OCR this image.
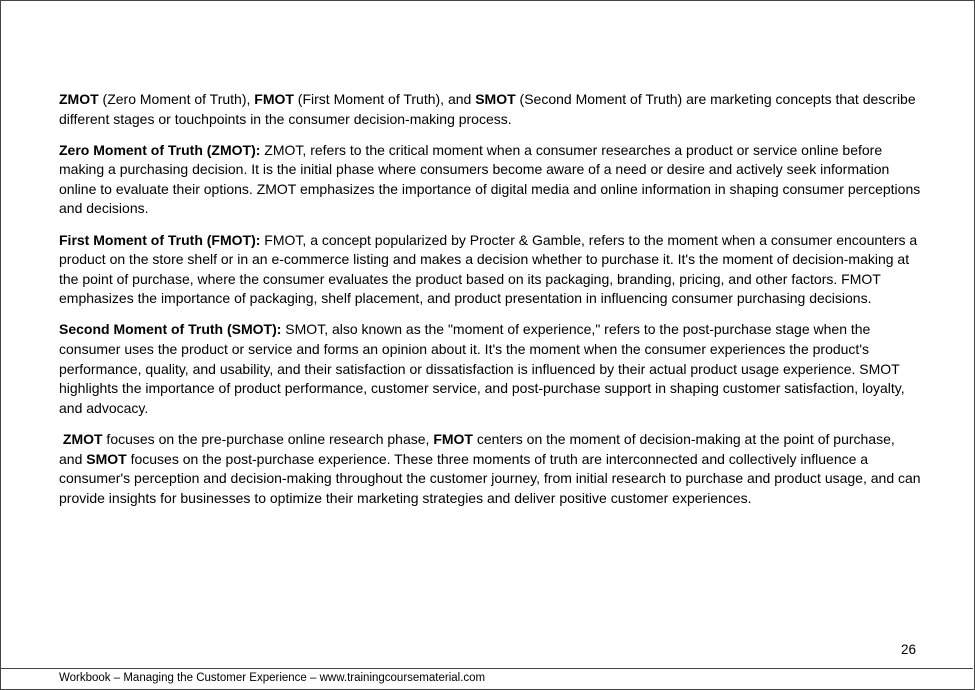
ZMOT (Zero Moment of Truth), FMOT (First Moment of Truth), and SMOT (Second Moment of Truth) are marketing concepts that describe different stages or touchpoints in the consumer decision-making process.

Zero Moment of Truth (ZMOT): ZMOT, refers to the critical moment when a consumer researches a product or service online before making a purchasing decision. It is the initial phase where consumers become aware of a need or desire and actively seek information online to evaluate their options. ZMOT emphasizes the importance of digital media and online information in shaping consumer perceptions and decisions.

First Moment of Truth (FMOT): FMOT, a concept popularized by Procter & Gamble, refers to the moment when a consumer encounters a product on the store shelf or in an e-commerce listing and makes a decision whether to purchase it. It's the moment of decision-making at the point of purchase, where the consumer evaluates the product based on its packaging, branding, pricing, and other factors. FMOT emphasizes the importance of packaging, shelf placement, and product presentation in influencing consumer purchasing decisions.

Second Moment of Truth (SMOT): SMOT, also known as the "moment of experience," refers to the post-purchase stage when the consumer uses the product or service and forms an opinion about it. It's the moment when the consumer experiences the product's performance, quality, and usability, and their satisfaction or dissatisfaction is influenced by their actual product usage experience. SMOT highlights the importance of product performance, customer service, and post-purchase support in shaping customer satisfaction, loyalty, and advocacy.

ZMOT focuses on the pre-purchase online research phase, FMOT centers on the moment of decision-making at the point of purchase, and SMOT focuses on the post-purchase experience. These three moments of truth are interconnected and collectively influence a consumer's perception and decision-making throughout the customer journey, from initial research to purchase and product usage, and can provide insights for businesses to optimize their marketing strategies and deliver positive customer experiences.

26
Workbook – Managing the Customer Experience – www.trainingcoursematerial.com
